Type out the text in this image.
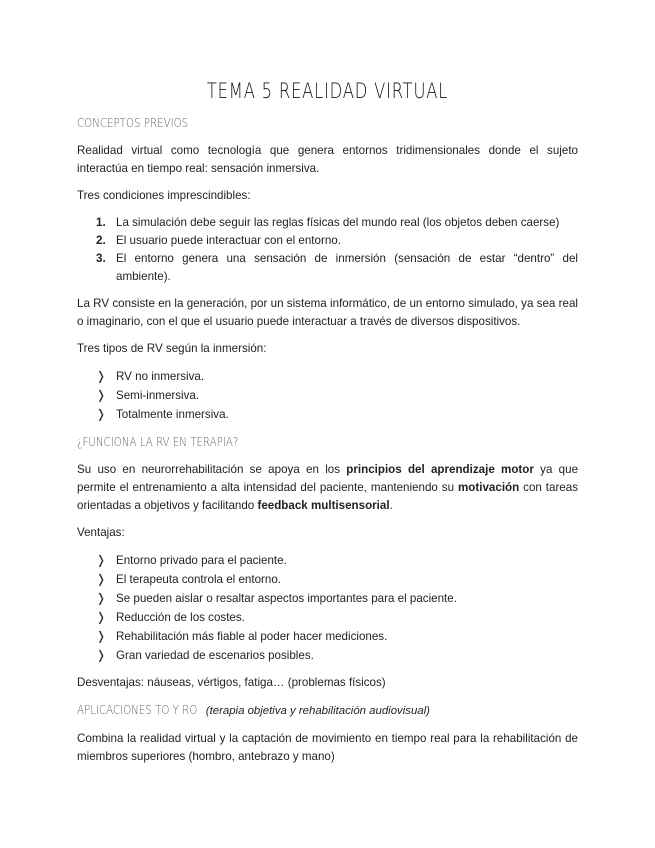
TEMA 5 REALIDAD VIRTUAL
CONCEPTOS PREVIOS

Realidad virtual como tecnología que genera entornos tridimensionales donde el sujeto interactúa en tiempo real: sensación inmersiva.

Tres condiciones imprescindibles:

1. La simulación debe seguir las reglas físicas del mundo real (los objetos deben caerse)
2. El usuario puede interactuar con el entorno.
3. El entorno genera una sensación de inmersión (sensación de estar “dentro” del ambiente).

La RV consiste en la generación, por un sistema informático, de un entorno simulado, ya sea real o imaginario, con el que el usuario puede interactuar a través de diversos dispositivos.

Tres tipos de RV según la inmersión:

❭ RV no inmersiva.
❭ Semi-inmersiva.
❭ Totalmente inmersiva.
¿FUNCIONA LA RV EN TERAPIA?

Su uso en neurorrehabilitación se apoya en los principios del aprendizaje motor ya que permite el entrenamiento a alta intensidad del paciente, manteniendo su motivación con tareas orientadas a objetivos y facilitando feedback multisensorial.

Ventajas:

❭ Entorno privado para el paciente.
❭ El terapeuta controla el entorno.
❭ Se pueden aislar o resaltar aspectos importantes para el paciente.
❭ Reducción de los costes.
❭ Rehabilitación más fiable al poder hacer mediciones.
❭ Gran variedad de escenarios posibles.

Desventajas: náuseas, vértigos, fatiga… (problemas físicos)

APLICACIONES TO Y RO (terapia objetiva y rehabilitación audiovisual)

Combina la realidad virtual y la captación de movimiento en tiempo real para la rehabilitación de miembros superiores (hombro, antebrazo y mano)
